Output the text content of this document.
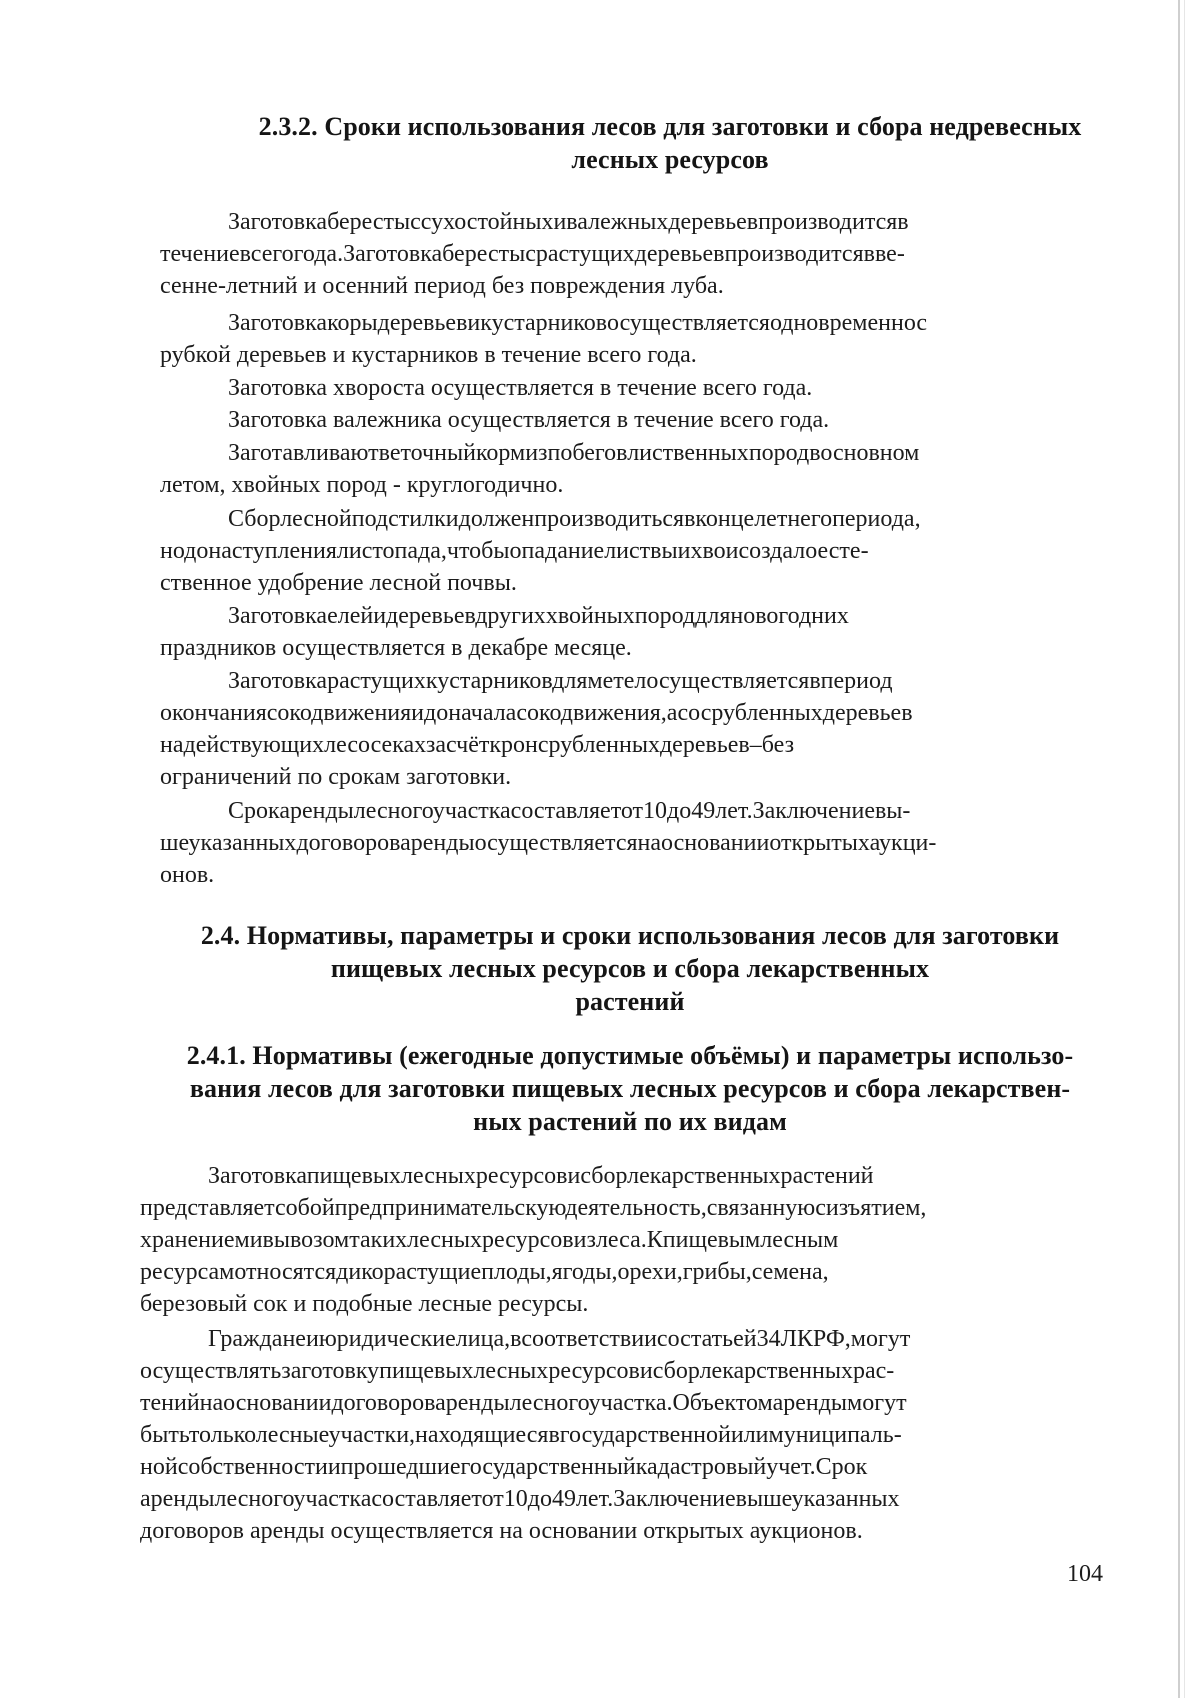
2.3.2. Сроки использования лесов для заготовки и сбора недревесных
лесных ресурсов
Заготовкаберестыссухостойныхивалежныхдеревьевпроизводитсяв
течениевсегогода.Заготовкаберестысрастущихдеревьевпроизводитсявве-
сенне-летний и осенний период без повреждения луба.
Заготовкакорыдеревьевикустарниковосуществляетсяодновременнос
рубкой деревьев и кустарников в течение всего года.
Заготовка хвороста осуществляется в течение всего года.
Заготовка валежника осуществляется в течение всего года.
Заготавливаютветочныйкормизпобеговлиственныхпородвосновном
летом, хвойных пород - круглогодично.
Сборлеснойподстилкидолженпроизводитьсявконцелетнегопериода,
нодонаступлениялистопада,чтобыопаданиелиствыихвоисоздалоесте-
ственное удобрение лесной почвы.
Заготовкаелейидеревьевдругиххвойныхпороддляновогодних
праздников осуществляется в декабре месяце.
Заготовкарастущихкустарниковдляметелосуществляетсявпериод
окончаниясокодвиженияидоначаласокодвижения,асосрубленныхдеревьев
надействующихлесосекахзасчёткронсрубленныхдеревьев–без
ограничений по срокам заготовки.
Срокарендылесногоучасткасоставляетот10до49лет.Заключениевы-
шеуказанныхдоговороварендыосуществляетсянаоснованииоткрытыхаукци-
онов.
2.4. Нормативы, параметры и сроки использования лесов для заготовки
пищевых лесных ресурсов и сбора лекарственных
растений
2.4.1. Нормативы (ежегодные допустимые объёмы) и параметры использо-
вания лесов для заготовки пищевых лесных ресурсов и сбора лекарствен-
ных растений по их видам
Заготовкапищевыхлесныхресурсовисборлекарственныхрастений
представляетсобойпредпринимательскуюдеятельность,связаннуюсизъятием,
хранениемивывозомтакихлесныхресурсовизлеса.Кпищевымлесным
ресурсамотносятсядикорастущиеплоды,ягоды,орехи,грибы,семена,
березовый сок и подобные лесные ресурсы.
Гражданеиюридическиелица,всоответствиисостатьей34ЛКРФ,могут
осуществлятьзаготовкупищевыхлесныхресурсовисборлекарственныхрас-
тенийнаоснованиидоговороварендылесногоучастка.Объектомарендымогут
бытьтольколесныеучастки,находящиесявгосударственнойилимуниципаль-
нойсобственностиипрошедшиегосударственныйкадастровыйучет.Срок
арендылесногоучасткасоставляетот10до49лет.Заключениевышеуказанных
договоров аренды осуществляется на основании открытых аукционов.
104
